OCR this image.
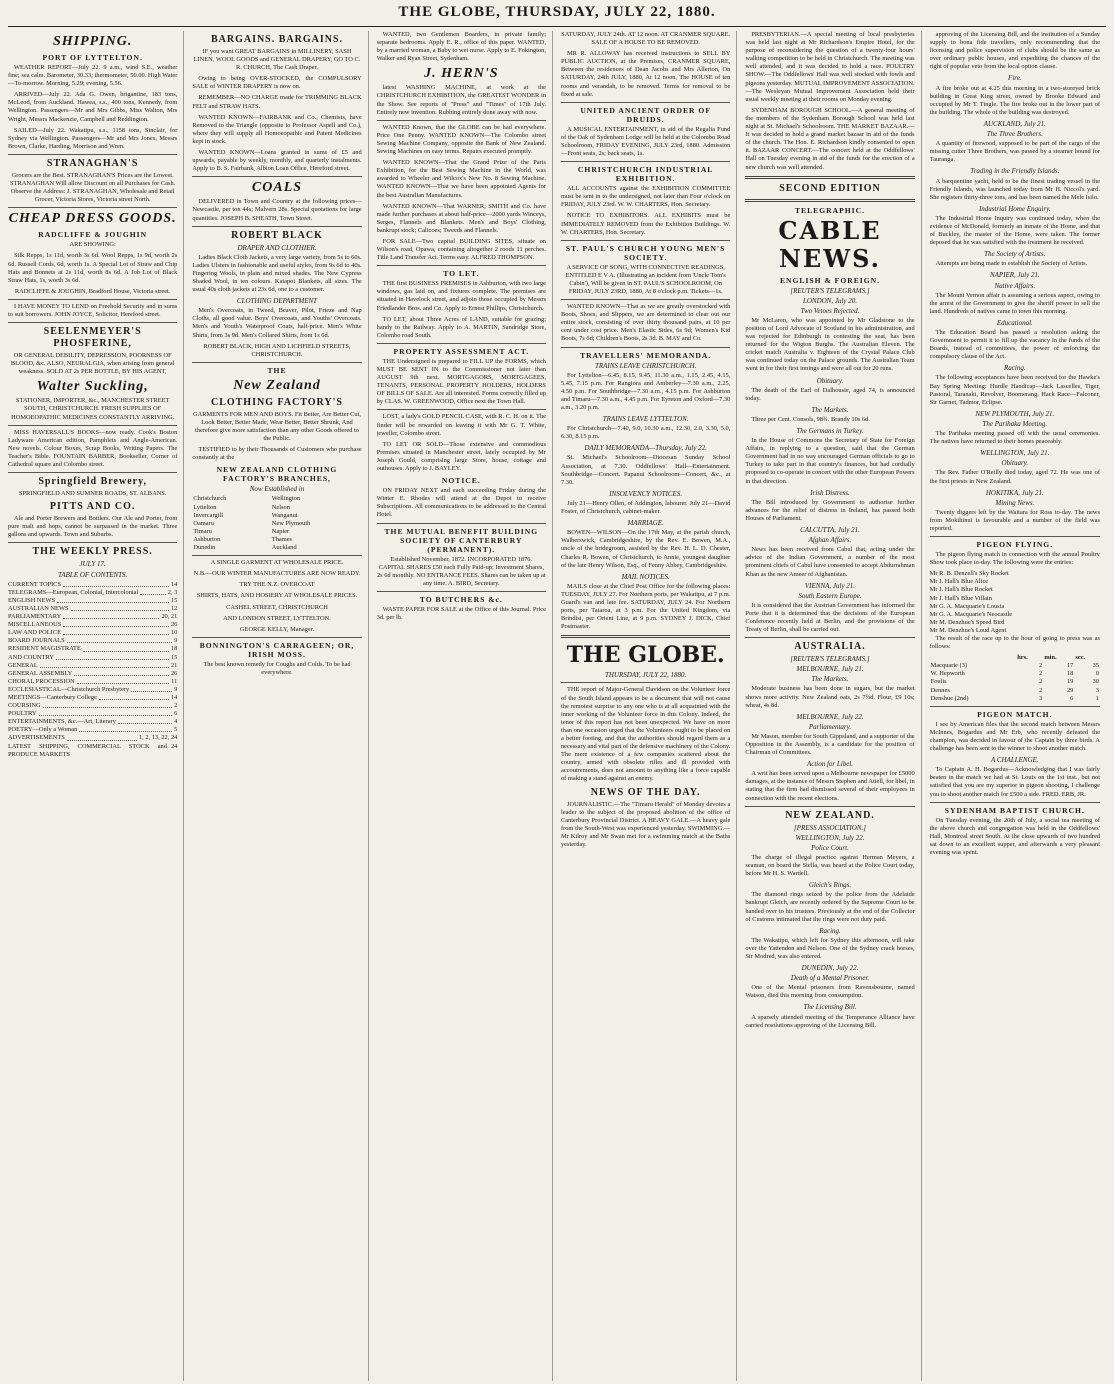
THE GLOBE, THURSDAY, JULY 22, 1880.
SHIPPING.
PORT OF LYTTELTON.

WEATHER REPORT—July 22. 9 a.m., wind S.E., weather fine; sea calm. Barometer, 30.33; thermometer, 50.00. High Water—To-morrow. Morning, 5.29; evening, 5.56.

ARRIVED—July 22. Ada G. Owen, brigantine, 183 tons, McLeod, from Auckland. Hawea, s.s., 400 tons, Kennedy, from Wellington. Passengers—Mr and Mrs Gibbs, Miss Walton, Mrs Wright, Messrs Mackenzie, Campbell and Reddington.

SAILED—July 22. Wakatipu, s.s., 1158 tons, Sinclair, for Sydney via Wellington. Passengers—Mr and Mrs Jones, Messrs Brown, Clarke, Harding, Morrison and Wren.

STRANAGHAN'S

Grocers are the Best. STRANAGHAN'S Prices are the Lowest. STRANAGHAN Will allow Discount on all Purchases for Cash. Observe the Address: J. STRANAGHAN, Wholesale and Retail Grocer, Victoria Stores, Victoria street North.

CHEAP DRESS GOODS.
RADCLIFFE & JOUGHIN

ARE SHOWING:

Silk Repps, 1s 11d, worth 3s 6d. Wool Repps, 1s 9d, worth 2s 6d. Russell Cords, 6d, worth 1s. A Special Lot of Straw and Chip Hats and Bonnets at 2s 11d, worth 8s 6d. A Job Lot of Black Straw Hats, 1s, worth 3s 6d.

RADCLIFFE & JOUGHIN, Bradford House, Victoria street.

I HAVE MONEY TO LEND on Freehold Security and in sums to suit borrowers. JOHN JOYCE, Solicitor, Hereford street.

SEELENMEYER'S PHOSFERINE,

OR GENERAL DEBILITY, DEPRESSION, POORNESS OF BLOOD, &c. ALSO, NEURALGIA, when arising from general weakness. SOLD AT 2s PER BOTTLE, BY HIS AGENT,

Walter Suckling,

STATIONER, IMPORTER, &c., MANCHESTER STREET SOUTH, CHRISTCHURCH. FRESH SUPPLIES OF HOMOEOPATHIC MEDICINES CONSTANTLY ARRIVING.

MISS HAVERSALL'S BOOKS—now ready. Cook's Boston Ladyware American edition, Pamphlets and Angle-American. New novels. Colour Boxes, Scrap Books, Writing Papers. The Teacher's Bible. FOUNTAIN BARBER, Bookseller, Corner of Cathedral square and Colombo street.

Springfield Brewery,

SPRINGFIELD AND SUMNER ROADS, ST. ALBANS.

PITTS AND CO.

Ale and Porter Brewers and Bottlers. Our Ale and Porter, from pure malt and hops, cannot be surpassed in the market. Three gallons and upwards. Town and Suburbs.

THE WEEKLY PRESS.
JULY 17.
TABLE OF CONTENTS.
CURRENT TOPICS	14
TELEGRAMS—European, Colonial, Intercolonial	2, 3
ENGLISH NEWS	15
AUSTRALIAN NEWS	12
PARLIAMENTARY	20, 21
MISCELLANEOUS	26
LAW AND POLICE	10
BOARD JOURNALS	9
RESIDENT MAGISTRATE	18
AND COUNTRY	15
GENERAL	21
GENERAL ASSEMBLY	26
CHORAL PROCESSION	11
ECCLESIASTICAL—Christchurch Presbytery	9
MEETINGS—Canterbury College	14
COURSING	2
POULTRY	6
ENTERTAINMENTS, &c.—Art, Literary	4
POETRY—Only a Woman	5
ADVERTISEMENTS	1, 2, 13, 22, 24
LATEST SHIPPING, COMMERCIAL STOCK and PRODUCE MARKETS
24
BARGAINS. BARGAINS.

IF you want GREAT BARGAINS in MILLINERY, SASH LINEN, WOOL GOODS and GENERAL DRAPERY, GO TO C. R. CHURCH, The Cash Draper.

Owing to being OVER-STOCKED, the COMPULSORY SALE of WINTER DRAPERY is now on.

REMEMBER—NO CHARGE made for TRIMMING BLACK FELT and STRAW HATS.

WANTED KNOWN—FAIRBANK and Co., Chemists, have Removed to the Triangle (opposite to Professor Aspell and Co.), where they will supply all Homoeopathic and Patent Medicines kept in stock.

WANTED KNOWN—Loans granted in sums of £5 and upwards, payable by weekly, monthly, and quarterly instalments. Apply to B. S. Fairbank, Albion Loan Office, Hereford street.

COALS

DELIVERED in Town and Country at the following prices—Newcastle, per ton 44s; Malvern 28s. Special quotations for large quantities. JOSEPH B. SHEATH, Town Street.

ROBERT BLACK
DRAPER AND CLOTHIER.

Ladies Black Cloth Jackets, a very large variety, from 5s to 60s. Ladies Ulsters in fashionable and useful styles, from 9s 6d to 40s. Fingering Wools, in plain and mixed shades. The New Cypress Shaded Wool, in ten colours. Kaiapoi Blankets, all sizes. The usual 40s cloth jackets at 23s 6d, one to a customer.

CLOTHING DEPARTMENT

Men's Overcoats, in Tweed, Beaver, Pilot, Frieze and Nap Cloths, all good value. Boys' Overcoats, and Youths' Overcoats. Men's and Youth's Waterproof Coats, half-price. Men's White Shirts, from 3s 9d. Men's Collared Shirts, from 1s 6d.

ROBERT BLACK, HIGH AND LICHFIELD STREETS, CHRISTCHURCH.

THE
New Zealand
CLOTHING FACTORY'S

GARMENTS FOR MEN AND BOYS. Fit Better, Are Better Cut, Look Better, Better Made, Wear Better, Better Shrunk, And therefore give more satisfaction than any other Goods offered to the Public.

TESTIFIED to by their Thousands of Customers who purchase constantly at the

NEW ZEALAND CLOTHING FACTORY'S BRANCHES,
Now Established in
Christchurch	Wellington
Lyttelton	Nelson
Invercargill	Wanganui
Oamaru	New Plymouth
Timaru	Napier
Ashburton	Thames
Dunedin	Auckland

A SINGLE GARMENT AT WHOLESALE PRICE.

N.B.—OUR WINTER MANUFACTURES ARE NOW READY.

TRY THE N.Z. OVERCOAT

SHIRTS, HATS, AND HOSIERY AT WHOLESALE PRICES.

CASHEL STREET, CHRISTCHURCH

AND LONDON STREET, LYTTELTON.

GEORGE KELLY, Manager.

BONNINGTON'S CARRAGEEN; OR, IRISH MOSS.

The best known remedy for Coughs and Colds. To be had everywhere.

WANTED, two Gentlemen Boarders, in private family; separate bedrooms. Apply E. R., office of this paper. WANTED, by a married woman, a Baby to wet nurse. Apply to E. Fokington, Walker and Ryan Street, Sydenham.

J. HERN'S

latest WASHING MACHINE, at work at the CHRISTCHURCH EXHIBITION, the GREATEST WONDER in the Show. See reports of "Press" and "Times" of 17th July. Entirely new invention. Rubbing entirely done away with now.

WANTED Known, that the GLOBE can be had everywhere. Price One Penny. WANTED KNOWN—The Colombo street Sewing Machine Company, opposite the Bank of New Zealand. Sewing Machines on easy terms. Repairs executed promptly.

WANTED KNOWN—That the Grand Prize of the Paris Exhibition, for the Best Sewing Machine in the World, was awarded to Wheeler and Wilcox's New No. 8 Sewing Machine. WANTED KNOWN—That we have been appointed Agents for the best Australian Manufactures.

WANTED KNOWN—That WARNER, SMITH and Co. have made further purchases at about half-price—2000 yards Winceys, Serges, Flannels and Blankets. Men's and Boys' Clothing, bankrupt stock; Calicoes; Tweeds and Flannels.

FOR SALE—Two capital BUILDING SITES, situate on Wilson's road, Opawa, containing altogether 2 roods 11 perches. Title Land Transfer Act. Terms easy. ALFRED THOMPSON.

TO LET.

THE first BUSINESS PREMISES in Ashburton, with two large windows, gas laid on, and fixtures complete. The premises are situated in Havelock street, and adjoin those occupied by Messrs Friedlander Bros. and Co. Apply to Ernest Phillips, Christchurch.

TO LET, about Three Acres of LAND, suitable for grazing; handy to the Railway. Apply to A. MARTIN, Sandridge Store, Colombo road South.

PROPERTY ASSESSMENT ACT.

THE Undersigned is prepared to FILL UP the FORMS, which MUST BE SENT IN to the Commissioner not later than AUGUST 9th next. MORTGAGORS, MORTGAGEES, TENANTS, PERSONAL PROPERTY HOLDERS, HOLDERS OF BILLS OF SALE. Are all interested. Forms correctly filled up by CLAS. W. GREENWOOD, Office next the Town Hall.

LOST, a lady's GOLD PENCIL CASE, with R. C. H. on it. The finder will be rewarded on leaving it with Mr G. T. White, jeweller, Colombo street.

TO LET OR SOLD—Those extensive and commodious Premises situated in Manchester street, lately occupied by Mr Joseph Gould, comprising large Store, house, cottage and outhouses. Apply to J. BAYLEY.

NOTICE.

ON FRIDAY NEXT and each succeeding Friday during the Winter E. Rhodes will attend at the Depot to receive Subscriptions. All communications to be addressed to the Central Hotel.

THE MUTUAL BENEFIT BUILDING SOCIETY OF CANTERBURY (PERMANENT).

Established November, 1872. INCORPORATED 1876. CAPITAL SHARES £50 each Fully Paid-up; Investment Shares, 2s 6d monthly. NO ENTRANCE FEES. Shares can be taken up at any time. A. BIRD, Secretary.

TO BUTCHERS &c.

WASTE PAPER FOR SALE at the Office of this Journal. Price 3d. per lb.

SATURDAY, JULY 24th. AT 12 noon. AT CRANMER SQUARE. SALE OF A HOUSE TO BE REMOVED.

MR R. ALLOWAY has received instructions to SELL BY PUBLIC AUCTION, at the Premises, CRANMER SQUARE, Between the residences of Dean Jacobs and Mrs Allerton, On SATURDAY, 24th JULY, 1880, At 12 noon, The HOUSE of ten rooms and verandah, to be removed. Terms for removal to be fixed at sale.

UNITED ANCIENT ORDER OF DRUIDS.

A MUSICAL ENTERTAINMENT, in aid of the Regalia Fund of the Oak of Sydenham Lodge will be held at the Colombo Road Schoolroom, FRIDAY EVENING, JULY 23rd, 1880. Admission—Front seats, 2s; back seats, 1s.

CHRISTCHURCH INDUSTRIAL EXHIBITION.

ALL ACCOUNTS against the EXHIBITION COMMITTEE must be sent in to the undersigned, not later than Four o'clock on FRIDAY, JULY 23rd. W. W. CHARTERS, Hon. Secretary.

NOTICE TO EXHIBITORS. ALL EXHIBITS must be IMMEDIATELY REMOVED from the Exhibition Buildings. W. W. CHARTERS, Hon. Secretary.

ST. PAUL'S CHURCH YOUNG MEN'S SOCIETY.

A SERVICE OF SONG, WITH CONNECTIVE READINGS, ENTITLED E V A. (Illustrating an incident from 'Uncle Tom's Cabin'), Will be given in ST. PAUL'S SCHOOLROOM, On FRIDAY, JULY 23RD, 1880, At 8 o'clock p.m. Tickets—1s.

WANTED KNOWN—That as we are greatly overstocked with Boots, Shoes, and Slippers, we are determined to clear out our entire stock, consisting of over thirty thousand pairs, at 10 per cent under cost price. Men's Elastic Sides, 6s 9d; Women's Kid Boots, 7s 6d; Children's Boots, 2s 3d. B. MAY and Co.

TRAVELLERS' MEMORANDA.
TRAINS LEAVE CHRISTCHURCH.

For Lyttelton—6.45, 8.15, 9.45, 11.30 a.m., 1.15, 2.45, 4.15, 5.45, 7.15 p.m. For Rangiora and Amberley—7.30 a.m., 2.25, 4.50 p.m. For Southbridge—7.30 a.m., 4.15 p.m. For Ashburton and Timaru—7.30 a.m., 4.45 p.m. For Eyreton and Oxford—7.30 a.m., 3.20 p.m.

TRAINS LEAVE LYTTELTON.

For Christchurch—7.40, 9.0, 10.30 a.m., 12.30, 2.0, 3.30, 5.0, 6.30, 8.15 p.m.

DAILY MEMORANDA—Thursday, July 22.

St. Michael's Schoolroom—Diocesan Sunday School Association, at 7.30. Oddfellows' Hall—Entertainment. Southbridge—Concert. Papanui Schoolroom—Concert, &c., at 7.30.

INSOLVENCY NOTICES.

July 21—Henry Ollen, of Addington, labourer. July 21—David Foster, of Christchurch, cabinet-maker.

MARRIAGE.

BOWEN—WILSON—On the 17th May, at the parish church, Walberswick, Cambridgeshire, by the Rev. E. Bowen, M.A., uncle of the bridegroom, assisted by the Rev. H. L. D. Chester, Charles R. Bowen, of Christchurch, to Annie, youngest daughter of the late Henry Wilson, Esq., of Fenny Abbey, Cambridgeshire.

MAIL NOTICES.

MAILS close at the Chief Post Office for the following places: TUESDAY, JULY 27. For Northern ports, per Wakatipu, at 7 p.m. Guard's van and late fee. SATURDAY, JULY 24. For Northern ports, per Taiaroa, at 3 p.m. For the United Kingdom, via Brindisi, per Orient Line, at 9 p.m. SYDNEY J. DICK, Chief Postmaster.

THE GLOBE.
THURSDAY, JULY 22, 1880.

THE report of Major-General Davidson on the Volunteer force of the South Island appears to be a document that will not cause the remotest surprise to any one who is at all acquainted with the inner working of the Volunteer force in this Colony. Indeed, the tenor of this report has not been unexpected. We have on more than one occasion urged that the Volunteers ought to be placed on a better footing, and that the authorities should regard them as a necessary and vital part of the defensive machinery of the Colony. The mere existence of a few companies scattered about the country, armed with obsolete rifles and ill provided with accoutrements, does not amount to anything like a force capable of making a stand against an enemy.

NEWS OF THE DAY.

JOURNALISTIC.—The "Timaru Herald" of Monday devotes a leader to the subject of the proposed abolition of the office of Canterbury Provincial District. A HEAVY GALE.—A heavy gale from the South-West was experienced yesterday. SWIMMING.—Mr Kilroy and Mr Swan met for a swimming match at the Baths yesterday.

PRESBYTERIAN.—A special meeting of local presbyteries was held last night at Mr Richardson's Empire Hotel, for the purpose of reconsidering the question of a twenty-four hours' walking competition to be held in Christchurch. The meeting was well attended, and it was decided to hold a race. POULTRY SHOW.—The Oddfellows' Hall was well stocked with fowls and pigeons yesterday. MUTUAL IMPROVEMENT ASSOCIATION.—The Wesleyan Mutual Improvement Association held their usual weekly meeting at their rooms on Monday evening.

SYDENHAM BOROUGH SCHOOL.—A general meeting of the members of the Sydenham Borough School was held last night at St. Michael's Schoolroom. THE MARKET BAZAAR.—It was decided to hold a grand market bazaar in aid of the funds of the church. The Hon. E. Richardson kindly consented to open it. BAZAAR CONCERT.—The concert held at the Oddfellows' Hall on Tuesday evening in aid of the funds for the erection of a new church was well attended.

SECOND EDITION
TELEGRAPHIC.
CABLE NEWS.
ENGLISH & FOREIGN.
[REUTER'S TELEGRAMS.]
LONDON, July 20.
Two Vetoes Rejected.

Mr McLaren, who was appointed by Mr Gladstone to the position of Lord Advocate of Scotland in his administration, and was rejected for Edinburgh in contesting the seat, has been returned for the Wigton Burghs. The Australian Eleven. The cricket match Australia v. Eighteen of the Crystal Palace Club was continued today on the Palace grounds. The Australian Team went in for their first innings and were all out for 20 runs.

Obituary.

The death of the Earl of Dalhousie, aged 74, is announced today.

The Markets.

Three per Cent. Consols, 98¾. Brandy 10s 6d.

The Germans in Turkey.

In the House of Commons the Secretary of State for Foreign Affairs, in replying to a question, said that the German Government had in no way encouraged German officials to go to Turkey to take part in that country's finances, but had cordially proposed to co-operate in concert with the other European Powers in that direction.

Irish Distress.

The Bill introduced by Government to authorise further advances for the relief of distress in Ireland, has passed both Houses of Parliament.

CALCUTTA, July 21.
Afghan Affairs.

News has been received from Cabul that, acting under the advice of the Indian Government, a number of the most prominent chiefs of Cabul have consented to accept Abdurrahman Khan as the new Ameer of Afghanistan.

VIENNA, July 21.
South Eastern Europe.

It is considered that the Austrian Government has informed the Porte that it is determined that the decisions of the European Conference recently held at Berlin, and the provisions of the Treaty of Berlin, shall be carried out.

AUSTRALIA.
[REUTER'S TELEGRAMS.]
MELBOURNE, July 21.
The Markets.

Moderate business has been done in sugars, but the market shows more activity. New Zealand oats, 2s 7½d. Flour, £9 10s; wheat, 4s 8d.

MELBOURNE, July 22.
Parliamentary.

Mr Mason, member for South Gippsland, and a supporter of the Opposition in the Assembly, is a candidate for the position of Chairman of Committees.

Action for Libel.

A writ has been served upon a Melbourne newspaper for £5000 damages, at the instance of Messrs Stephen and Attell, for libel, in stating that the firm had dismissed several of their employees in connection with the recent elections.

NEW ZEALAND.
[PRESS ASSOCIATION.]
WELLINGTON, July 22.
Police Court.

The charge of illegal practice against Herman Meyers, a seaman, on board the Stella, was heard at the Police Court today, before Mr H. S. Wardell.

Gleich's Rings.

The diamond rings seized by the police from the Adelaide bankrupt Gleich, are recently ordered by the Supreme Court to be handed over to his trustees. Previously at the end of the Collector of Customs intimated that the rings were not duty paid.

Racing.

The Wakatipu, which left for Sydney this afternoon, will take over the Yattendon and Nelson. One of the Sydney crack horses, Sir Modred, was also entered.

DUNEDIN, July 22.
Death of a Mental Prisoner.

One of the Mental prisoners from Ravensbourne, named Watson, died this morning from consumption.

The Licensing Bill.

A sparsely attended meeting of the Temperance Alliance have carried resolutions approving of the Licensing Bill.

approving of the Licensing Bill, and the institution of a Sunday supply to bona fide travellers, only recommending that the licensing and police supervision of clubs should be the same as over ordinary public houses, and expediting the chances of the right of popular veto from the local option clause.

Fire.

A fire broke out at 4.25 this morning in a two-storeyed brick building in Great King street, owned by Brooke Edward and occupied by Mr T. Tingle. The fire broke out in the lower part of the building. The whole of the building was destroyed.

AUCKLAND, July 21.
The Three Brothers.

A quantity of firewood, supposed to be part of the cargo of the missing cutter Three Brothers, was passed by a steamer bound for Tauranga.

Trading in the Friendly Islands.

A barquentine yacht, held to be the finest trading vessel in the Friendly Islands, was launched today from Mr H. Niccol's yard. She registers thirty-three tons, and has been named the Mele Isilo.

Industrial Home Enquiry.

The Industrial Home Inquiry was continued today, when the evidence of McDonald, formerly an inmate of the Home, and that of Buckley, the master of the Home, were taken. The former deposed that he was satisfied with the treatment he received.

The Society of Artists.

Attempts are being made to establish the Society of Artists.

NAPIER, July 21.
Native Affairs.

The Mount Vernon affair is assuming a serious aspect, owing to the arrest of the Government to give the sheriff power to sell the land. Hundreds of natives came to town this morning.

Educational.

The Education Board has passed a resolution asking the Government to permit it to fill up the vacancy in the funds of the Boards, instead of committees, the power of enforcing the compulsory clause of the Act.

Racing.

The following acceptances have been received for the Hawke's Bay Spring Meeting: Hurdle Handicap—Jack Lascelles, Tiger, Pastoral, Taranaki, Revolver, Boomerang. Hack Race—Falconer, Sir Garnet, Tadmor, Eclipse.

NEW PLYMOUTH, July 21.
The Parihaka Meeting.

The Parihaka meeting passed off with the usual ceremonies. The natives have returned to their homes peaceably.

WELLINGTON, July 21.
Obituary.

The Rev. Father O'Reilly died today, aged 72. He was one of the first priests in New Zealand.

HOKITIKA, July 21.
Mining News.

Twenty diggers left by the Waitara for Ross to-day. The news from Mokihinui is favourable and a number of the field was reported.

PIGEON FLYING.

The pigeon flying match in connection with the annual Poultry Show took place to-day. The following were the entries:

Mr R. B. Denzell's Sky Rocket
Mr J. Hall's Blue Alice
Mr J. Hall's Blue Rocket
Mr J. Hall's Blue Villain
Mr G. A. Macquarie's Lousia
Mr G. A. Macquarie's Neocastle
Mr M. Denzhue's Speed Bird
Mr M. Denzhue's Loud Agent

The result of the race up to the hour of going to press was as follows:

	hrs.	min.	sec.
Macquarie (3)	2	17	35
W. Hepworth	2	18	0
Foulis	2	19	30
Dennes	2	29	3
Denshue (2nd)	3	6	1
PIGEON MATCH.

I see by American files that the second match between Messrs McInnes, Bogardus and Mr Erb, who recently defeated the champion, was decided in favour of the Captain by three birds. A challenge has been sent to the winner to shoot another match.

A CHALLENGE.

To Captain A. H. Bogardus—Acknowledging that I was fairly beaten in the match we had at St. Louis on the 1st inst., but not satisfied that you are my superior in pigeon shooting, I challenge you to shoot another match for £500 a side. FRED. ERB, JR.

SYDENHAM BAPTIST CHURCH.

On Tuesday evening, the 20th of July, a social tea meeting of the above church and congregation was held in the Oddfellows' Hall, Montreal street South. At the close upwards of two hundred sat down to an excellent supper, and afterwards a very pleasant evening was spent.
